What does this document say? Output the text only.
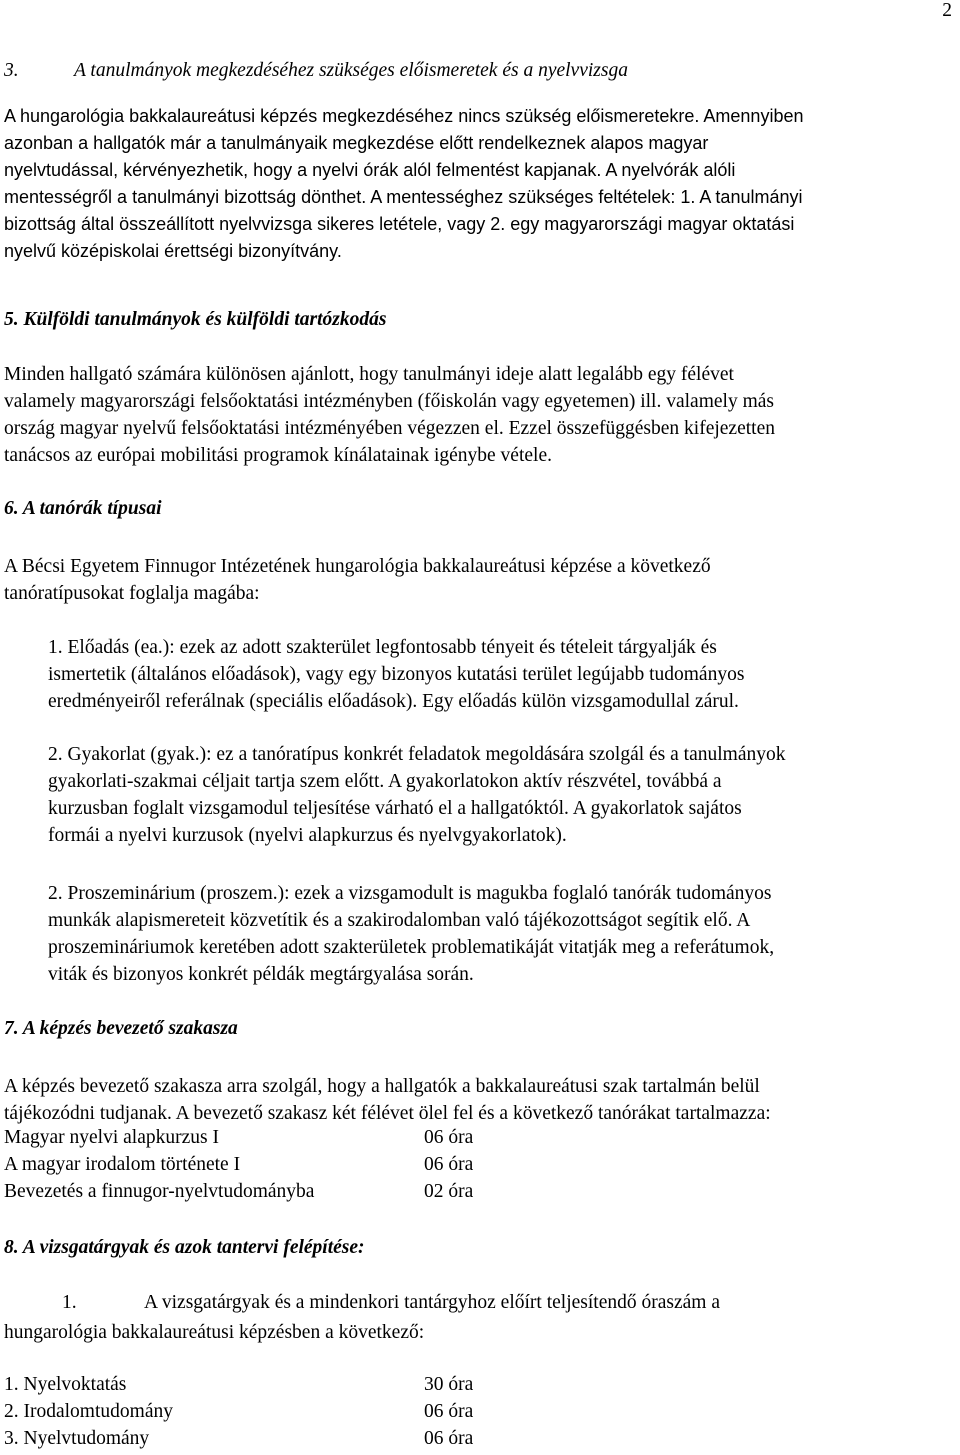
2
3.	A tanulmányok megkezdéséhez szükséges előismeretek és a nyelvvizsga
A hungarológia bakkalaureátusi képzés megkezdéséhez nincs szükség előismeretekre. Amennyiben
azonban a hallgatók már a tanulmányaik megkezdése előtt rendelkeznek alapos magyar
nyelvtudással, kérvényezhetik, hogy a nyelvi órák alól felmentést kapjanak. A nyelvórák alóli
mentességről a tanulmányi bizottság dönthet. A mentességhez szükséges feltételek: 1. A tanulmányi
bizottság által összeállított nyelvvizsga sikeres letétele, vagy 2. egy magyarországi magyar oktatási
nyelvű középiskolai érettségi bizonyítvány.
5. Külföldi tanulmányok és külföldi tartózkodás
Minden hallgató számára különösen ajánlott, hogy tanulmányi ideje alatt legalább egy félévet
valamely magyarországi felsőoktatási intézményben (főiskolán vagy egyetemen) ill. valamely más
ország magyar nyelvű felsőoktatási intézményében végezzen el. Ezzel összefüggésben kifejezetten
tanácsos az európai mobilitási programok kínálatainak igénybe vétele.
6. A tanórák típusai
A Bécsi Egyetem Finnugor Intézetének hungarológia bakkalaureátusi képzése a következő
tanóratípusokat foglalja magába:
1. Előadás (ea.): ezek az adott szakterület legfontosabb tényeit és tételeit tárgyalják és
ismertetik (általános előadások), vagy egy bizonyos kutatási terület legújabb tudományos
eredményeiről referálnak (speciális előadások). Egy előadás külön vizsgamodullal zárul.
2. Gyakorlat (gyak.): ez a tanóratípus konkrét feladatok megoldására szolgál és a tanulmányok
gyakorlati-szakmai céljait tartja szem előtt. A gyakorlatokon aktív részvétel, továbbá a
kurzusban foglalt vizsgamodul teljesítése várható el a hallgatóktól. A gyakorlatok sajátos
formái a nyelvi kurzusok (nyelvi alapkurzus és nyelvgyakorlatok).
2. Proszeminárium (proszem.): ezek a vizsgamodult is magukba foglaló tanórák tudományos
munkák alapismereteit közvetítik és a szakirodalomban való tájékozottságot segítik elő. A
proszemináriumok keretében adott szakterületek problematikáját vitatják meg a referátumok,
viták és bizonyos konkrét példák megtárgyalása során.
7. A képzés bevezető szakasza
A képzés bevezető szakasza arra szolgál, hogy a hallgatók a bakkalaureátusi szak tartalmán belül
tájékozódni tudjanak. A bevezető szakasz két félévet ölel fel és a következő tanórákat tartalmazza:
Magyar nyelvi alapkurzus I	06 óra
A magyar irodalom története I	06 óra
Bevezetés a finnugor-nyelvtudományba	02 óra
8. A vizsgatárgyak és azok tantervi felépítése:
1.	A vizsgatárgyak és a mindenkori tantárgyhoz előírt teljesítendő óraszám a
hungarológia bakkalaureátusi képzésben a következő:
1. Nyelvoktatás	30 óra
2. Irodalomtudomány	06 óra
3. Nyelvtudomány	06 óra
